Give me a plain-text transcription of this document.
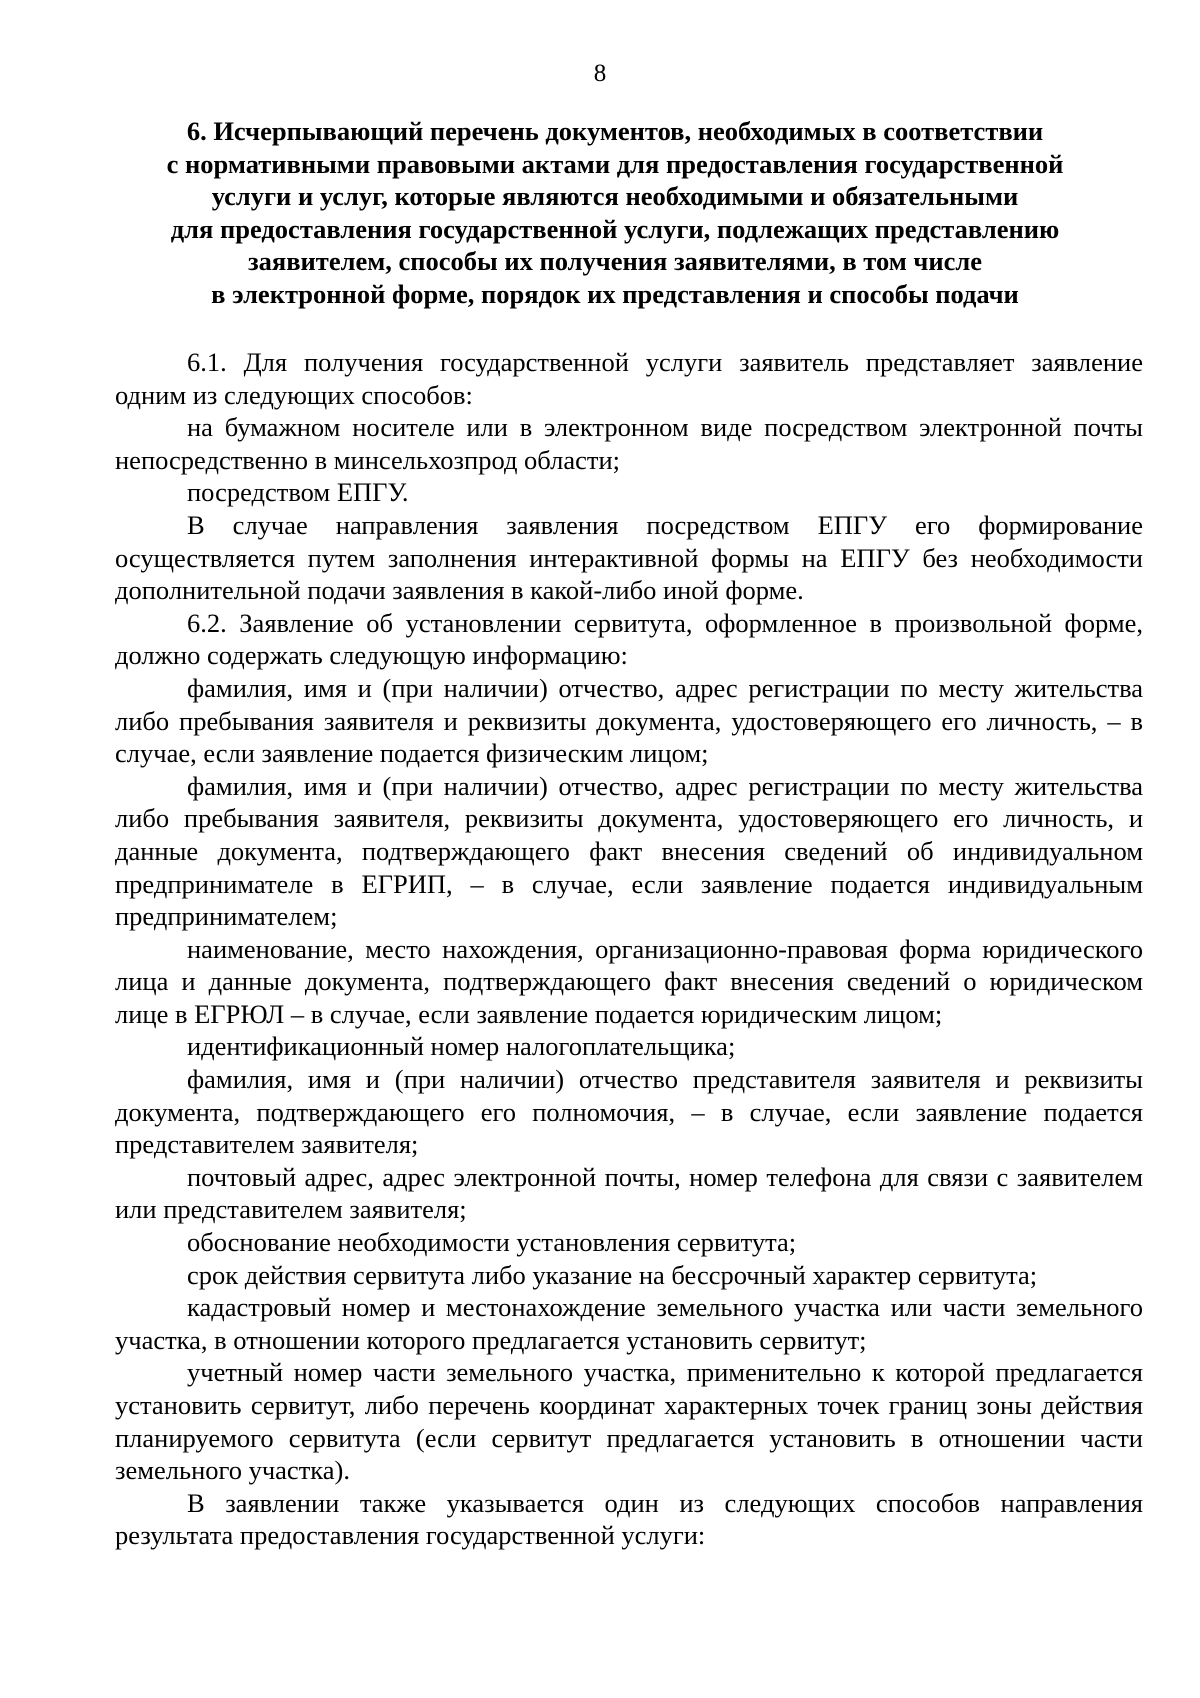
8
6. Исчерпывающий перечень документов, необходимых в соответствии
с нормативными правовыми актами для предоставления государственной
услуги и услуг, которые являются необходимыми и обязательными
для предоставления государственной услуги, подлежащих представлению
заявителем, способы их получения заявителями, в том числе
в электронной форме, порядок их представления и способы подачи

6.1. Для получения государственной услуги заявитель представляет заявление одним из следующих способов:

на бумажном носителе или в электронном виде посредством электронной почты непосредственно в минсельхозпрод области;

посредством ЕПГУ.

В случае направления заявления посредством ЕПГУ его формирование осуществляется путем заполнения интерактивной формы на ЕПГУ без необходимости дополнительной подачи заявления в какой-либо иной форме.

6.2. Заявление об установлении сервитута, оформленное в произвольной форме, должно содержать следующую информацию:

фамилия, имя и (при наличии) отчество, адрес регистрации по месту жительства либо пребывания заявителя и реквизиты документа, удостоверяющего его личность, – в случае, если заявление подается физическим лицом;

фамилия, имя и (при наличии) отчество, адрес регистрации по месту жительства либо пребывания заявителя, реквизиты документа, удостоверяющего его личность, и данные документа, подтверждающего факт внесения сведений об индивидуальном предпринимателе в ЕГРИП, – в случае, если заявление подается индивидуальным предпринимателем;

наименование, место нахождения, организационно-правовая форма юридического лица и данные документа, подтверждающего факт внесения сведений о юридическом лице в ЕГРЮЛ – в случае, если заявление подается юридическим лицом;

идентификационный номер налогоплательщика;

фамилия, имя и (при наличии) отчество представителя заявителя и реквизиты документа, подтверждающего его полномочия, – в случае, если заявление подается представителем заявителя;

почтовый адрес, адрес электронной почты, номер телефона для связи с заявителем или представителем заявителя;

обоснование необходимости установления сервитута;

срок действия сервитута либо указание на бессрочный характер сервитута;

кадастровый номер и местонахождение земельного участка или части земельного участка, в отношении которого предлагается установить сервитут;

учетный номер части земельного участка, применительно к которой предлагается установить сервитут, либо перечень координат характерных точек границ зоны действия планируемого сервитута (если сервитут предлагается установить в отношении части земельного участка).

В заявлении также указывается один из следующих способов направления результата предоставления государственной услуги:
